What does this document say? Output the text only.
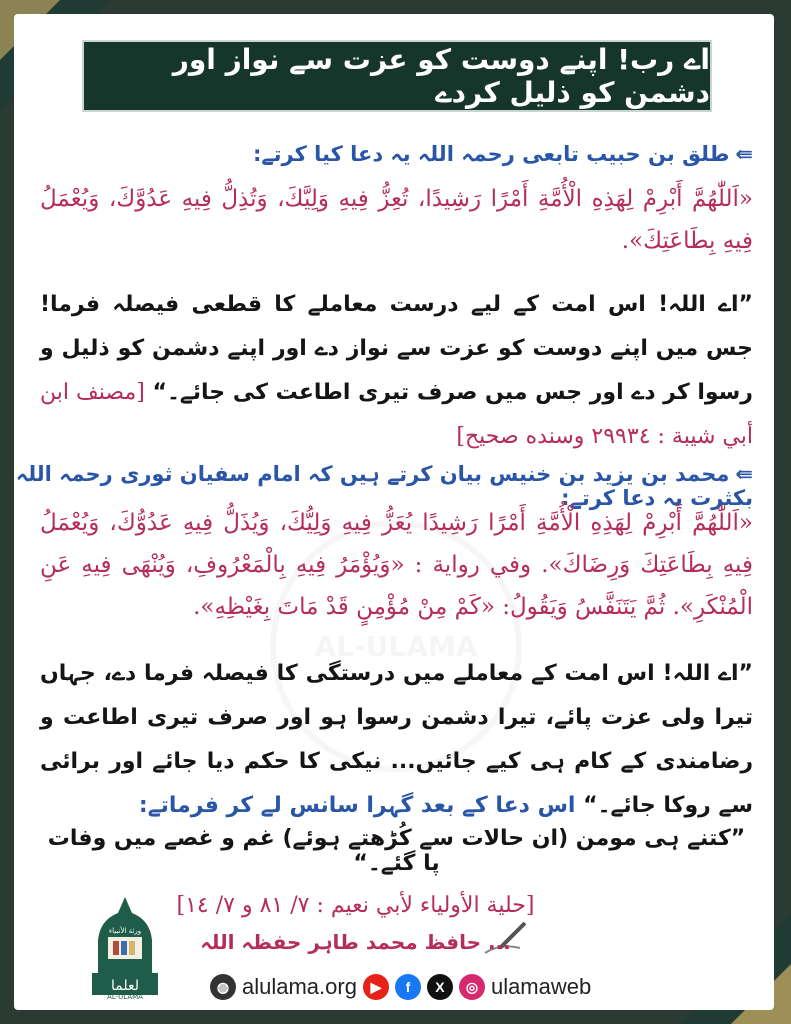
اے رب! اپنے دوست کو عزت سے نواز اور دشمن کو ذلیل کردے
⇚طلق بن حبیب تابعی رحمہ اللہ یہ دعا کیا کرتے:
«اَللّٰهُمَّ أَبْرِمْ لِهَذِهِ الْأُمَّةِ أَمْرًا رَشِيدًا، تُعِزُّ فِيهِ وَلِيَّكَ، وَتُذِلُّ فِيهِ عَدُوَّكَ، وَيُعْمَلُ فِيهِ بِطَاعَتِكَ».
”اے اللہ! اس امت کے لیے درست معاملے کا قطعی فیصلہ فرما! جس میں اپنے دوست کو عزت سے نواز دے اور اپنے دشمن کو ذلیل و رسوا کر دے اور جس میں صرف تیری اطاعت کی جائے۔“ [مصنف ابن أبي شيبة : ٢٩٩٣٤ وسنده صحيح]
⇚محمد بن یزید بن خنیس بیان کرتے ہیں کہ امام سفیان ثوری رحمہ اللہ بکثرت یہ دعا کرتے:
«اَللّٰهُمَّ أَبْرِمْ لِهَذِهِ الْأُمَّةِ أَمْرًا رَشِيدًا يُعَزُّ فِيهِ وَلِيُّكَ، وَيُذَلُّ فِيهِ عَدُوُّكَ، وَيُعْمَلُ فِيهِ بِطَاعَتِكَ وَرِضَاكَ». وفي رواية : «وَيُؤْمَرُ فِيهِ بِالْمَعْرُوفِ، وَيُنْهَى فِيهِ عَنِ الْمُنْكَرِ». ثُمَّ يَتَنَفَّسُ وَيَقُولُ: «كَمْ مِنْ مُؤْمِنٍ قَدْ مَاتَ بِغَيْظِهِ».
”اے اللہ! اس امت کے معاملے میں درستگی کا فیصلہ فرما دے، جہاں تیرا ولی عزت پائے، تیرا دشمن رسوا ہو اور صرف تیری اطاعت و رضامندی کے کام ہی کیے جائیں... نیکی کا حکم دیا جائے اور برائی سے روکا جائے۔“ اس دعا کے بعد گہرا سانس لے کر فرماتے:
”کتنے ہی مومن (ان حالات سے کُڑھتے ہوئے) غم و غصے میں وفات پا گئے۔“
[حلية الأولياء لأبي نعيم : ٧/ ٨١ و ٧/ ١٤]
... حافظ محمد طاہر حفظہ اللہ
لعلما
AL-ULAMA
ورثة الأنبياء
◍ alulama.org ▶	f	X	◎ ulamaweb
